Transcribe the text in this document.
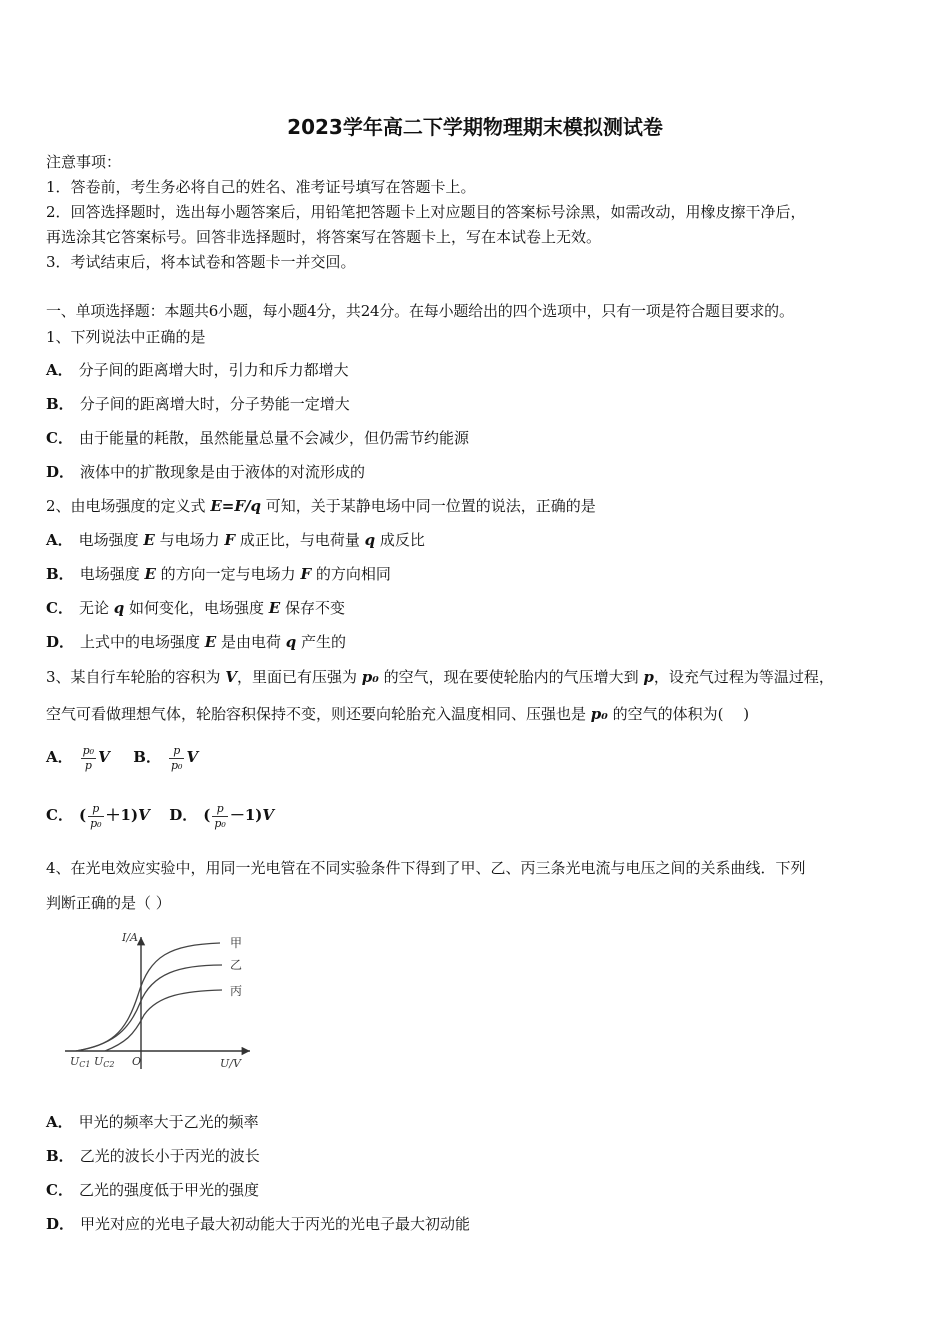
2023学年高二下学期物理期末模拟测试卷
注意事项：
1．答卷前，考生务必将自己的姓名、准考证号填写在答题卡上。
2．回答选择题时，选出每小题答案后，用铅笔把答题卡上对应题目的答案标号涂黑，如需改动，用橡皮擦干净后，
再选涂其它答案标号。回答非选择题时，将答案写在答题卡上，写在本试卷上无效。
3．考试结束后，将本试卷和答题卡一并交回。
一、单项选择题：本题共6小题，每小题4分，共24分。在每小题给出的四个选项中，只有一项是符合题目要求的。
1、下列说法中正确的是
A． 分子间的距离增大时，引力和斥力都增大
B． 分子间的距离增大时，分子势能一定增大
C． 由于能量的耗散，虽然能量总量不会减少，但仍需节约能源
D． 液体中的扩散现象是由于液体的对流形成的
2、由电场强度的定义式 E=F/q 可知，关于某静电场中同一位置的说法，正确的是
A． 电场强度 E 与电场力 F 成正比，与电荷量 q 成反比
B． 电场强度 E 的方向一定与电场力 F 的方向相同
C． 无论 q 如何变化，电场强度 E 保存不变
D． 上式中的电场强度 E 是由电荷 q 产生的
3、某自行车轮胎的容积为 V，里面已有压强为 p₀ 的空气，现在要使轮胎内的气压增大到 p，设充气过程为等温过程，
空气可看做理想气体，轮胎容积保持不变，则还要向轮胎充入温度相同、压强也是 p₀ 的空气的体积为(　 )
A． $\frac{\text{p₀}}{p}$ V B． $\frac{p}{\text{p₀}}$ V
C． ( $\frac{p}{\text{p₀}} +1)V$ D． ( $\frac{p}{\text{p₀}} -1)V$
4、在光电效应实验中，用同一光电管在不同实验条件下得到了甲、乙、丙三条光电流与电压之间的关系曲线．下列
判断正确的是（ ）
I/A
U/V
O
UC1 UC2
甲
乙
丙
A． 甲光的频率大于乙光的频率
B． 乙光的波长小于丙光的波长
C． 乙光的强度低于甲光的强度
D． 甲光对应的光电子最大初动能大于丙光的光电子最大初动能
